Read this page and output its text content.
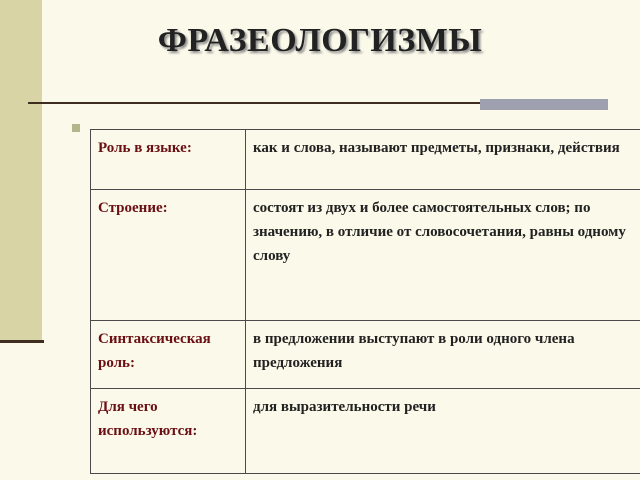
ФРАЗЕОЛОГИЗМЫ
Роль в языке:	как и слова, называют предметы, признаки, действия
Строение:	состоят из двух и более самостоятельных слов; по значению, в отличие от словосочетания, равны одному слову
Синтаксическая роль:	в предложении выступают в роли одного члена предложения
Для чего используются:	для выразительности речи
